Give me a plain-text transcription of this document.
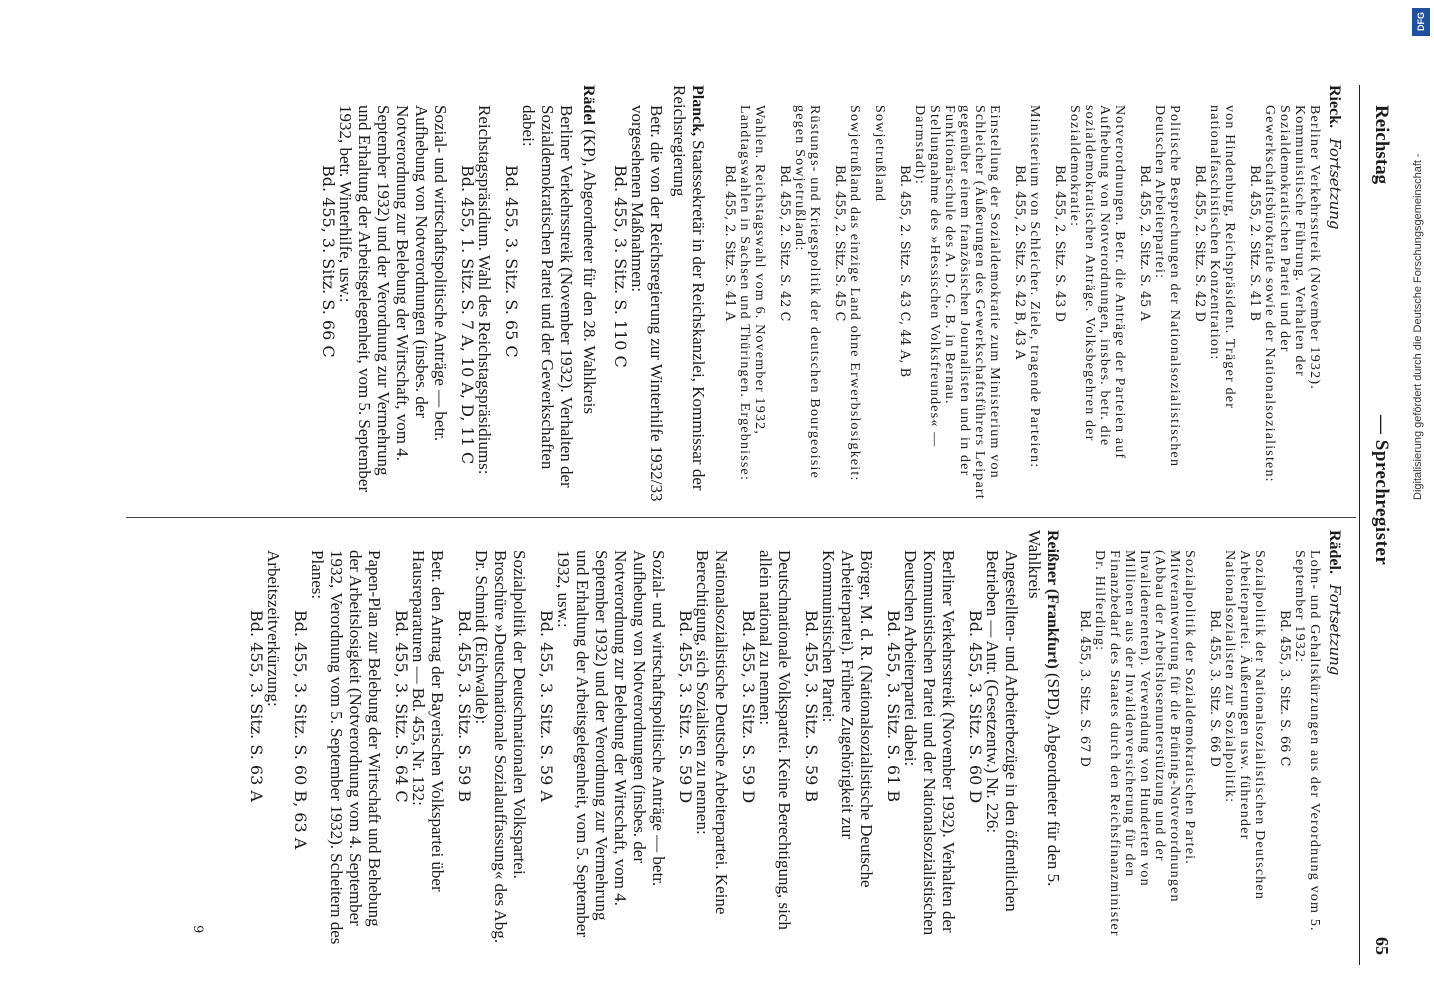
Reichstag
— Sprechregister
65
Rieck. Fortsetzung
Berliner Verkehrsstreik (November 1932). Kommunistische Führung. Verhalten der Sozialdemokratischen Partei und der Gewerkschaftsbürokratie sowie der Nationalsozialisten:
Bd. 455, 2. Sitz. S. 41 B
von Hindenburg, Reichspräsident. Träger der nationalfaschistischen Konzentration:
Bd. 455, 2. Sitz. S. 42 D
Politische Besprechungen der Nationalsozialistischen Deutschen Arbeiterpartei:
Bd. 455, 2. Sitz. S. 45 A
Notverordnungen. Betr. die Anträge der Parteien auf Aufhebung von Notverordnungen, insbes. betr. die sozialdemokratischen Anträge. Volksbegehren der Sozialdemokratie:
Bd. 455, 2. Sitz. S. 43 D
Ministerium von Schleicher. Ziele, tragende Parteien:
Bd. 455, 2. Sitz. S. 42 B, 43 A
Einstellung der Sozialdemokratie zum Ministerium von Schleicher (Äußerungen des Gewerkschaftsführers Leipart gegenüber einem französischen Journalisten und in der Funktionärschule des A. D. G. B. in Bernau. Stellungnahme des »Hessischen Volksfreundes« — Darmstadt):
Bd. 455, 2. Sitz. S. 43 C, 44 A, B
Sowjetrußland
Sowjetrußland das einzige Land ohne Erwerbslosigkeit:
Bd. 455, 2. Sitz. S. 45 C
Rüstungs- und Kriegspolitik der deutschen Bourgeoisie gegen Sowjetrußland:
Bd. 455, 2. Sitz. S. 42 C
Wahlen. Reichstagswahl vom 6. November 1932, Landtagswahlen in Sachsen und Thüringen. Ergebnisse:
Bd. 455, 2. Sitz. S. 41 A
Planck, Staatssekretär in der Reichskanzlei, Kommissar der Reichsregierung
Betr. die von der Reichsregierung zur Winterhilfe 1932/33 vorgesehenen Maßnahmen:
Bd. 455, 3. Sitz. S. 110 C
Rädel (KP), Abgeordneter für den 28. Wahlkreis
Berliner Verkehrsstreik (November 1932). Verhalten der Sozialdemokratischen Partei und der Gewerkschaften dabei:
Bd. 455, 3. Sitz. S. 65 C
Reichstagspräsidium. Wahl des Reichstagspräsidiums:
Bd. 455, 1. Sitz. S. 7 A, 10 A, D, 11 C
Sozial- und wirtschaftspolitische Anträge — betr. Aufhebung von Notverordnungen (insbes. der Notverordnung zur Belebung der Wirtschaft, vom 4. September 1932) und der Verordnung zur Vermehrung und Erhaltung der Arbeitsgelegenheit, vom 5. September 1932, betr. Winterhilfe, usw.:
Bd. 455, 3. Sitz. S. 66 C
Rädel. Fortsetzung
Lohn- und Gehaltskürzungen aus der Verordnung vom 5. September 1932:
Bd. 455, 3. Sitz. S. 66 C
Sozialpolitik der Nationalsozialistischen Deutschen Arbeiterpartei. Äußerungen usw. führender Nationalsozialisten zur Sozialpolitik:
Bd. 455, 3. Sitz. S. 66 D
Sozialpolitik der Sozialdemokratischen Partei. Mitverantwortung für die Brüning-Notverordnungen (Abbau der Arbeitslosenunterstützung und der Invalidenrenten). Verwendung von Hunderten von Millionen aus der Invalidenversicherung für den Finanzbedarf des Staates durch den Reichsfinanzminister Dr. Hilferding:
Bd. 455, 3. Sitz. S. 67 D
Reißner (Frankfurt) (SPD), Abgeordneter für den 5. Wahlkreis
Angestellten- und Arbeiterbezüge in den öffentlichen Betrieben — Antr. (Gesetzentw.) Nr. 226:
Bd. 455, 3. Sitz. S. 60 D
Berliner Verkehrsstreik (November 1932). Verhalten der Kommunistischen Partei und der Nationalsozialistischen Deutschen Arbeiterpartei dabei:
Bd. 455, 3. Sitz. S. 61 B
Börger, M. d. R. (Nationalsozialistische Deutsche Arbeiterpartei). Frühere Zugehörigkeit zur Kommunistischen Partei:
Bd. 455, 3. Sitz. S. 59 B
Deutschnationale Volkspartei. Keine Berechtigung, sich allein national zu nennen:
Bd. 455, 3. Sitz. S. 59 D
Nationalsozialistische Deutsche Arbeiterpartei. Keine Berechtigung, sich Sozialisten zu nennen:
Bd. 455, 3. Sitz. S. 59 D
Sozial- und wirtschaftspolitische Anträge — betr. Aufhebung von Notverordnungen (insbes. der Notverordnung zur Belebung der Wirtschaft, vom 4. September 1932) und der Verordnung zur Vermehrung und Erhaltung der Arbeitsgelegenheit, vom 5. September 1932, usw.:
Bd. 455, 3. Sitz. S. 59 A
Sozialpolitik der Deutschnationalen Volkspartei. Broschüre »Deutschnationale Sozialauffassung« des Abg. Dr. Schmidt (Eichwalde):
Bd. 455, 3. Sitz. S. 59 B
Betr. den Antrag der Bayerischen Volkspartei über Hausreparaturen — Bd. 455, Nr. 132:
Bd. 455, 3. Sitz. S. 64 C
Papen-Plan zur Belebung der Wirtschaft und Behebung der Arbeitslosigkeit (Notverordnung vom 4. September 1932, Verordnung vom 5. September 1932). Scheitern des Planes:
Bd. 455, 3. Sitz. S. 60 B, 63 A
Arbeitszeitverkürzung:
Bd. 455, 3. Sitz. S. 63 A
9
DFG
Digitalisierung gefördert durch die Deutsche Forschungsgemeinschaft -
